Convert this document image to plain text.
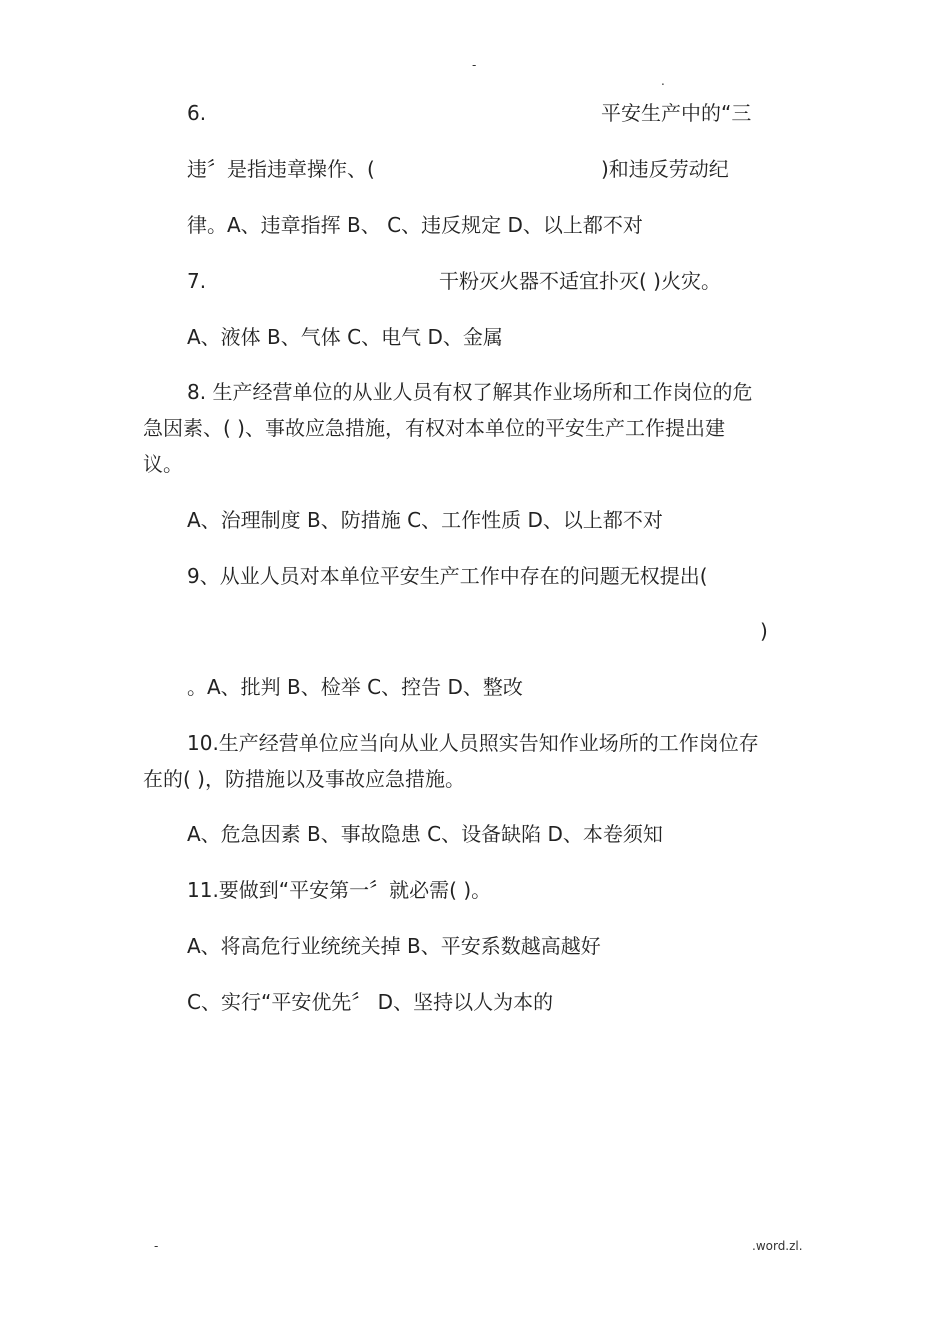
-
.
6.	平安生产中的“三
违〞是指违章操作、(	)和违反劳动纪
律。A、违章指挥 B、 C、违反规定 D、以上都不对
7.	干粉灭火器不适宜扑灭( )火灾。
A、液体 B、气体 C、电气 D、金属
8. 生产经营单位的从业人员有权了解其作业场所和工作岗位的危
急因素、( )、事故应急措施，有权对本单位的平安生产工作提出建
议。
A、治理制度 B、防措施 C、工作性质 D、以上都不对
9、从业人员对本单位平安生产工作中存在的问题无权提出(
)
。A、批判 B、检举 C、控告 D、整改
10.生产经营单位应当向从业人员照实告知作业场所的工作岗位存
在的( )，防措施以及事故应急措施。
A、危急因素 B、事故隐患 C、设备缺陷 D、本卷须知
11.要做到“平安第一〞就必需( )。
A、将高危行业统统关掉 B、平安系数越高越好
C、实行“平安优先〞 D、坚持以人为本的
-	.word.zl.
